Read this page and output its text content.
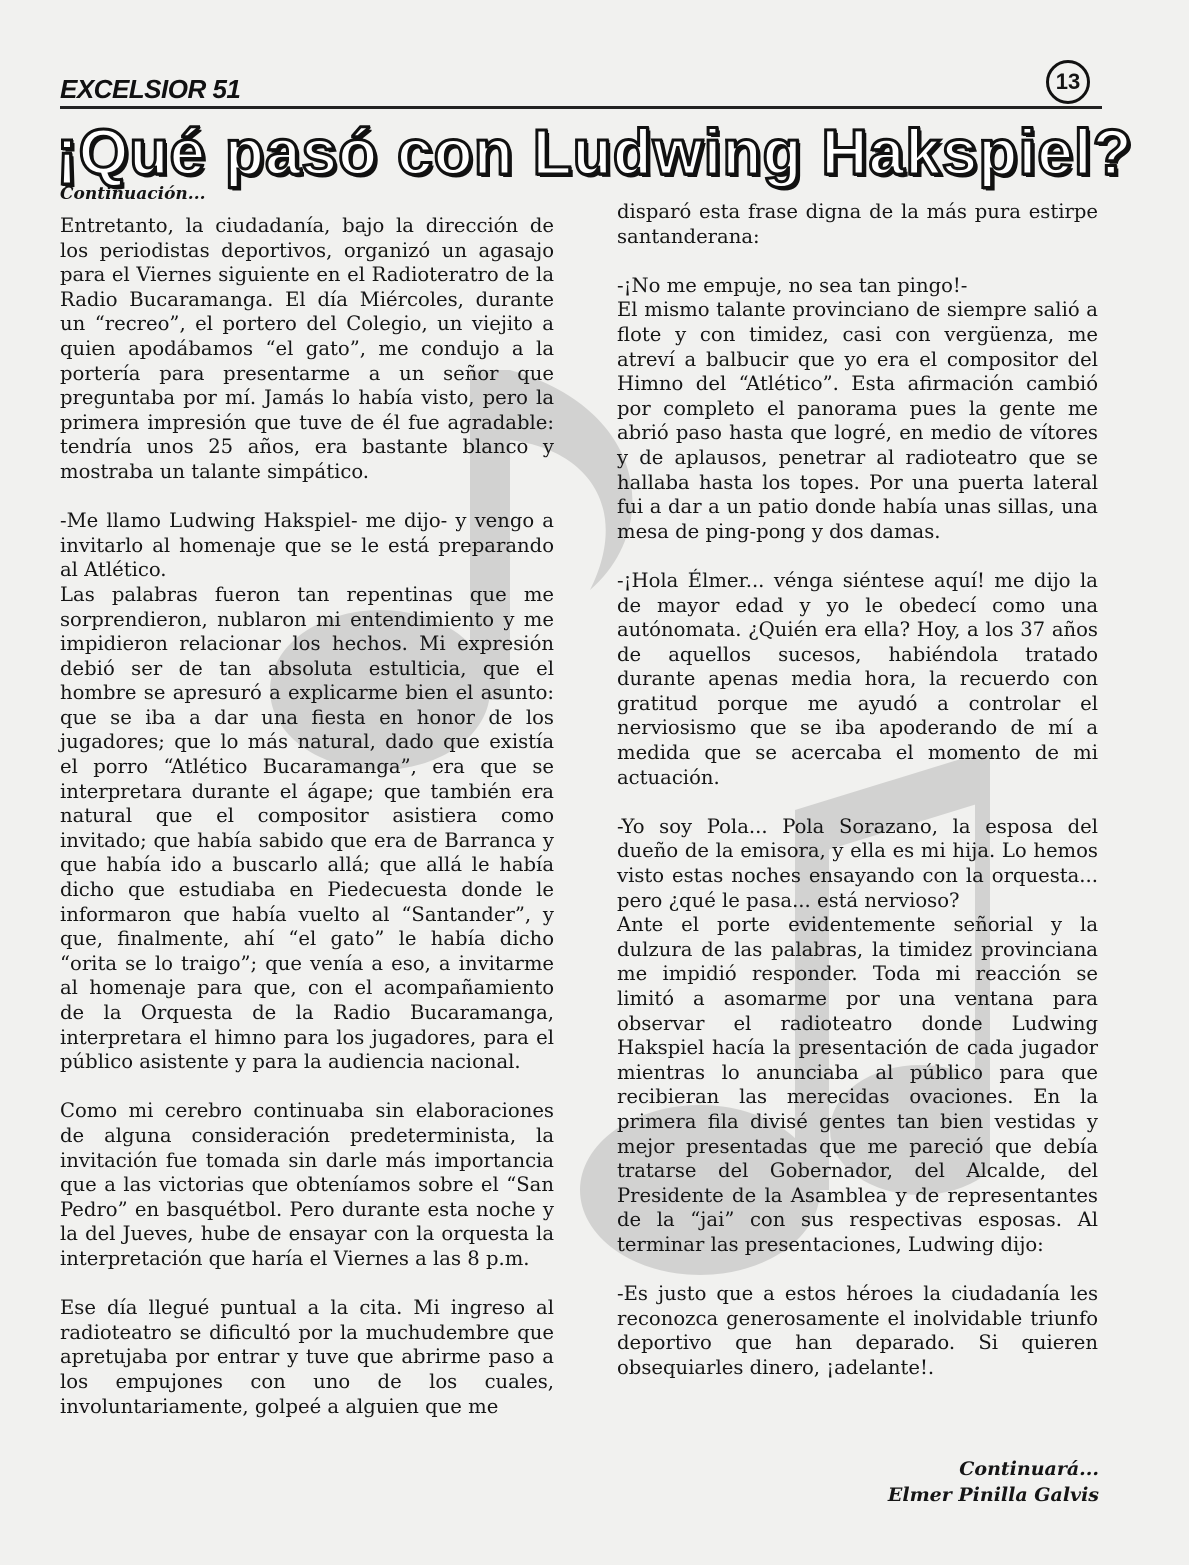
EXCELSIOR 51	13
¡Qué pasó con Ludwing Hakspiel?
Continuación...

Entretanto, la ciudadanía, bajo la dirección de los periodistas deportivos, organizó un agasajo para el Viernes siguiente en el Radioteratro de la Radio Bucaramanga. El día Miércoles, durante un “recreo”, el portero del Colegio, un viejito a quien apodábamos “el gato”, me condujo a la portería para presentarme a un señor que preguntaba por mí. Jamás lo había visto, pero la primera impresión que tuve de él fue agradable: tendría unos 25 años, era bastante blanco y mostraba un talante simpático.

-Me llamo Ludwing Hakspiel- me dijo- y vengo a invitarlo al homenaje que se le está preparando al Atlético.

Las palabras fueron tan repentinas que me sorprendieron, nublaron mi entendimiento y me impidieron relacionar los hechos. Mi expresión debió ser de tan absoluta estulticia, que el hombre se apresuró a explicarme bien el asunto: que se iba a dar una fiesta en honor de los jugadores; que lo más natural, dado que existía el porro “Atlético Bucaramanga”, era que se interpretara durante el ágape; que también era natural que el compositor asistiera como invitado; que había sabido que era de Barranca y que había ido a buscarlo allá; que allá le había dicho que estudiaba en Piedecuesta donde le informaron que había vuelto al “Santander”, y que, finalmente, ahí “el gato” le había dicho “orita se lo traigo”; que venía a eso, a invitarme al homenaje para que, con el acompañamiento de la Orquesta de la Radio Bucaramanga, interpretara el himno para los jugadores, para el público asistente y para la audiencia nacional.

Como mi cerebro continuaba sin elaboraciones de alguna consideración predeterminista, la invitación fue tomada sin darle más importancia que a las victorias que obteníamos sobre el “San Pedro” en basquétbol. Pero durante esta noche y la del Jueves, hube de ensayar con la orquesta la interpretación que haría el Viernes a las 8 p.m.

Ese día llegué puntual a la cita. Mi ingreso al radioteatro se dificultó por la muchudembre que apretujaba por entrar y tuve que abrirme paso a los empujones con uno de los cuales, involuntariamente, golpeé a alguien que me

disparó esta frase digna de la más pura estirpe santanderana:

-¡No me empuje, no sea tan pingo!-

El mismo talante provinciano de siempre salió a flote y con timidez, casi con vergüenza, me atreví a balbucir que yo era el compositor del Himno del “Atlético”. Esta afirmación cambió por completo el panorama pues la gente me abrió paso hasta que logré, en medio de vítores y de aplausos, penetrar al radioteatro que se hallaba hasta los topes. Por una puerta lateral fui a dar a un patio donde había unas sillas, una mesa de ping-pong y dos damas.

-¡Hola Élmer... vénga siéntese aquí! me dijo la de mayor edad y yo le obedecí como una autónomata. ¿Quién era ella? Hoy, a los 37 años de aquellos sucesos, habiéndola tratado durante apenas media hora, la recuerdo con gratitud porque me ayudó a controlar el nerviosismo que se iba apoderando de mí a medida que se acercaba el momento de mi actuación.

-Yo soy Pola... Pola Sorazano, la esposa del dueño de la emisora, y ella es mi hija. Lo hemos visto estas noches ensayando con la orquesta... pero ¿qué le pasa... está nervioso?

Ante el porte evidentemente señorial y la dulzura de las palabras, la timidez provinciana me impidió responder. Toda mi reacción se limitó a asomarme por una ventana para observar el radioteatro donde Ludwing Hakspiel hacía la presentación de cada jugador mientras lo anunciaba al público para que recibieran las merecidas ovaciones. En la primera fila divisé gentes tan bien vestidas y mejor presentadas que me pareció que debía tratarse del Gobernador, del Alcalde, del Presidente de la Asamblea y de representantes de la “jai” con sus respectivas esposas. Al terminar las presentaciones, Ludwing dijo:

-Es justo que a estos héroes la ciudadanía les reconozca generosamente el inolvidable triunfo deportivo que han deparado. Si quieren obsequiarles dinero, ¡adelante!.

Continuará...
Elmer Pinilla Galvis
